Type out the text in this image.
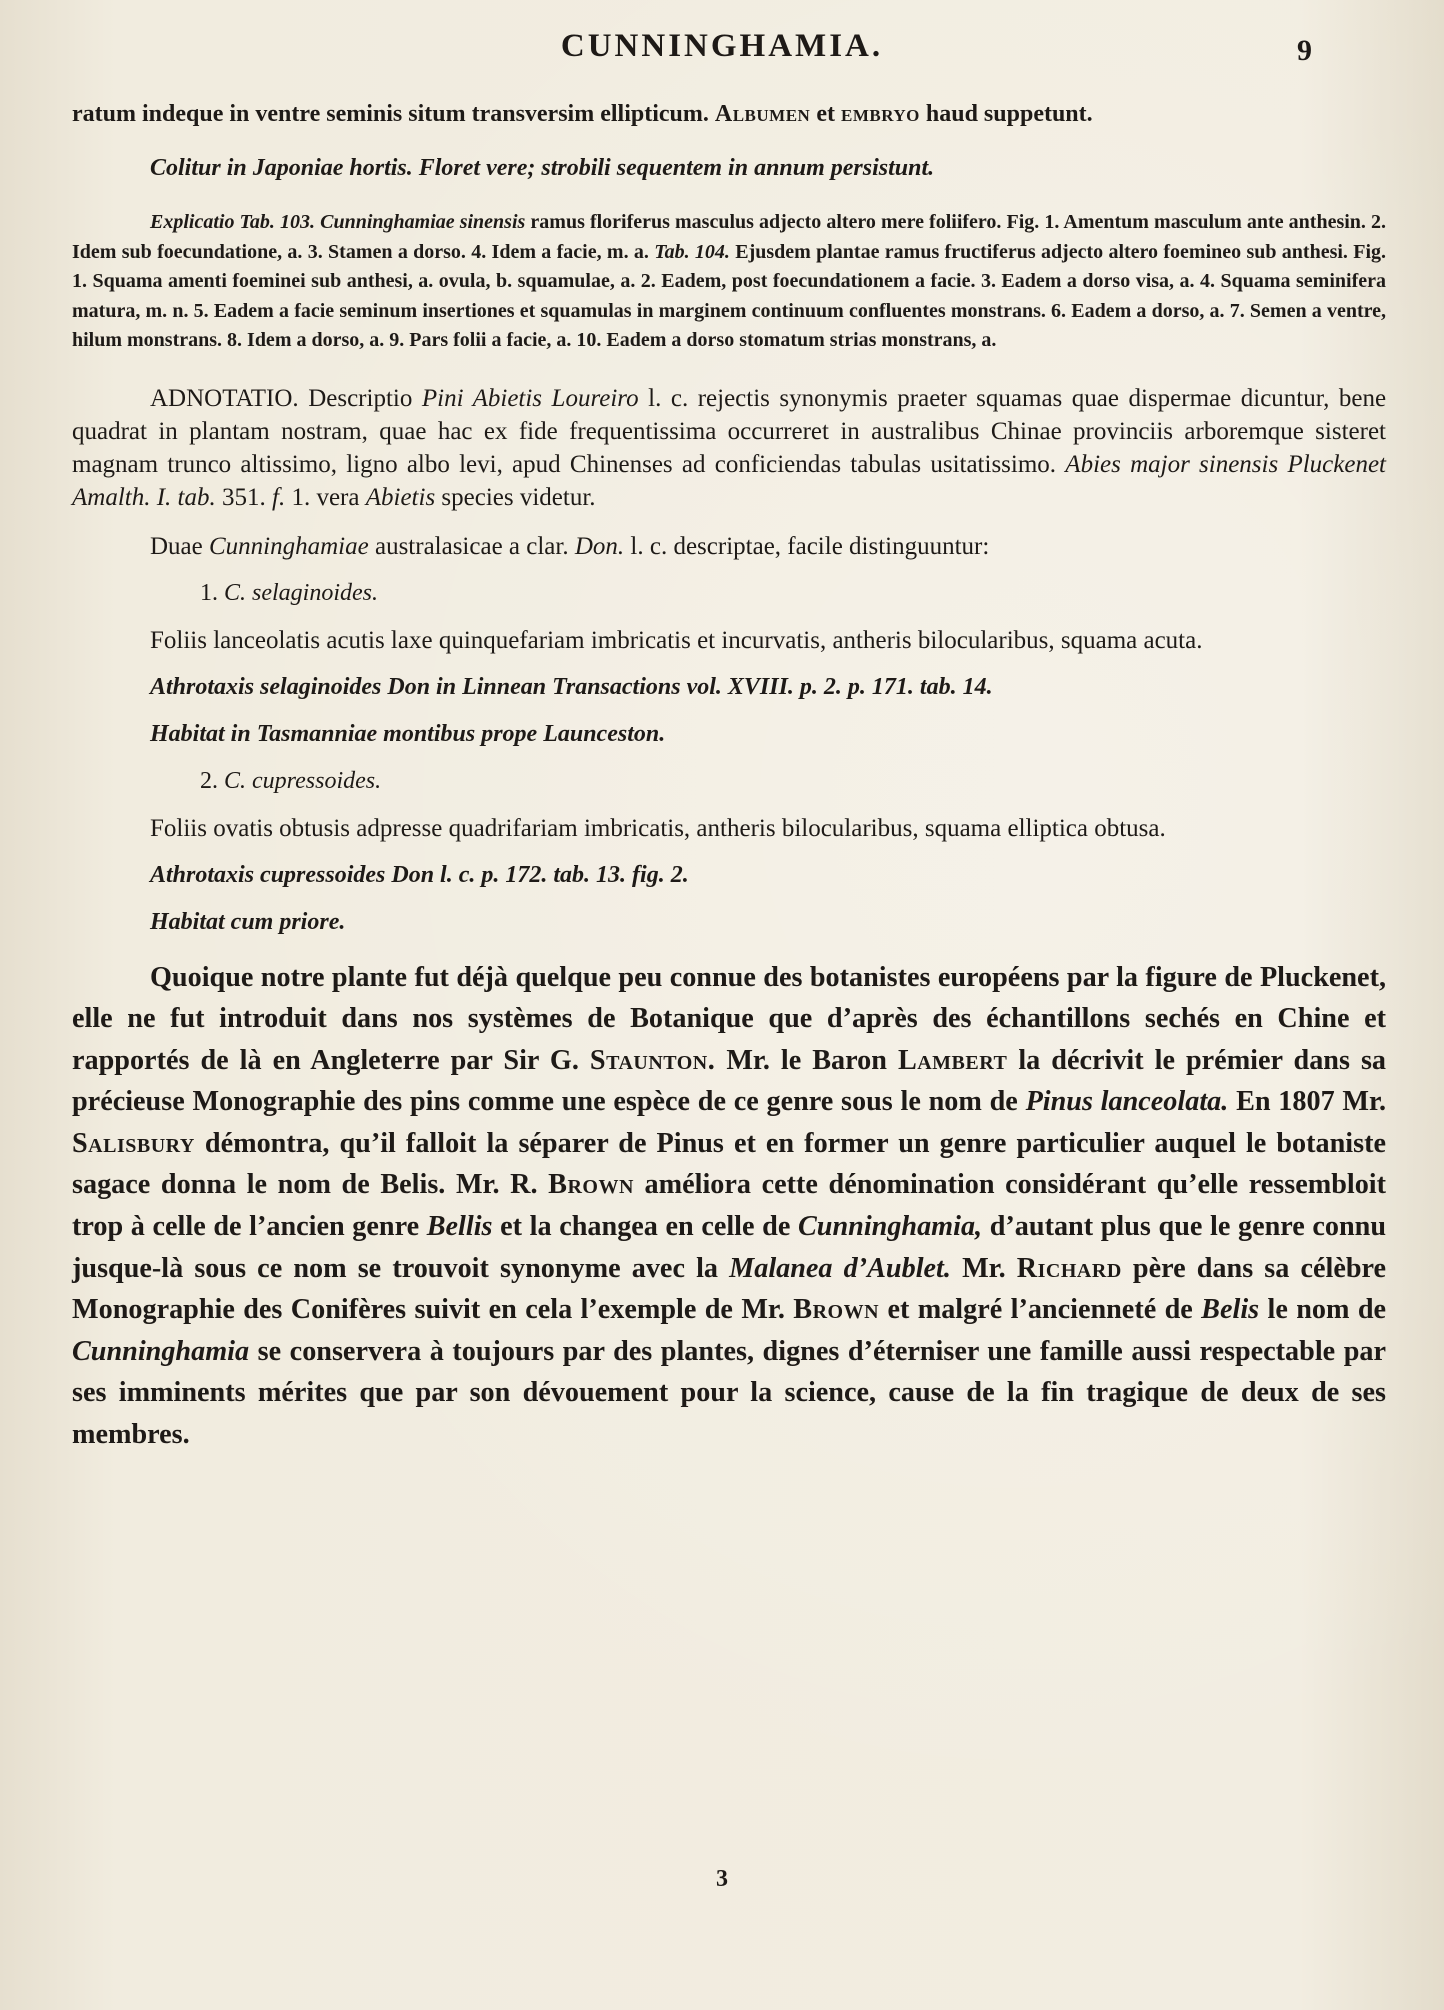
CUNNINGHAMIA.	9

ratum indeque in ventre seminis situm transversim ellipticum. Albumen et embryo haud suppetunt.

Colitur in Japoniae hortis. Floret vere; strobili sequentem in annum persistunt.

Explicatio Tab. 103. Cunninghamiae sinensis ramus floriferus masculus adjecto altero mere foliifero. Fig. 1. Amentum masculum ante anthesin. 2. Idem sub foecundatione, a. 3. Stamen a dorso. 4. Idem a facie, m. a. Tab. 104. Ejusdem plantae ramus fructiferus adjecto altero foemineo sub anthesi. Fig. 1. Squama amenti foeminei sub anthesi, a. ovula, b. squamulae, a. 2. Eadem, post foecundationem a facie. 3. Eadem a dorso visa, a. 4. Squama seminifera matura, m. n. 5. Eadem a facie seminum insertiones et squamulas in marginem continuum confluentes monstrans. 6. Eadem a dorso, a. 7. Semen a ventre, hilum monstrans. 8. Idem a dorso, a. 9. Pars folii a facie, a. 10. Eadem a dorso stomatum strias monstrans, a.

ADNOTATIO. Descriptio Pini Abietis Loureiro l. c. rejectis synonymis praeter squamas quae dispermae dicuntur, bene quadrat in plantam nostram, quae hac ex fide frequentissima occurreret in australibus Chinae provinciis arboremque sisteret magnam trunco altissimo, ligno albo levi, apud Chinenses ad conficiendas tabulas usitatissimo. Abies major sinensis Pluckenet Amalth. I. tab. 351. f. 1. vera Abietis species videtur.

Duae Cunninghamiae australasicae a clar. Don. l. c. descriptae, facile distinguuntur:

1. C. selaginoides.

Foliis lanceolatis acutis laxe quinquefariam imbricatis et incurvatis, antheris bilocularibus, squama acuta.

Athrotaxis selaginoides Don in Linnean Transactions vol. XVIII. p. 2. p. 171. tab. 14.

Habitat in Tasmanniae montibus prope Launceston.

2. C. cupressoides.

Foliis ovatis obtusis adpresse quadrifariam imbricatis, antheris bilocularibus, squama elliptica obtusa.

Athrotaxis cupressoides Don l. c. p. 172. tab. 13. fig. 2.

Habitat cum priore.

Quoique notre plante fut déjà quelque peu connue des botanistes européens par la figure de Pluckenet, elle ne fut introduit dans nos systèmes de Botanique que d’après des échantillons sechés en Chine et rapportés de là en Angleterre par Sir G. Staunton. Mr. le Baron Lambert la décrivit le prémier dans sa précieuse Monographie des pins comme une espèce de ce genre sous le nom de Pinus lanceolata. En 1807 Mr. Salisbury démontra, qu’il falloit la séparer de Pinus et en former un genre particulier auquel le botaniste sagace donna le nom de Belis. Mr. R. Brown améliora cette dénomination considérant qu’elle ressembloit trop à celle de l’ancien genre Bellis et la changea en celle de Cunninghamia, d’autant plus que le genre connu jusque-là sous ce nom se trouvoit synonyme avec la Malanea d’Aublet. Mr. Richard père dans sa célèbre Monographie des Conifères suivit en cela l’exemple de Mr. Brown et malgré l’ancienneté de Belis le nom de Cunninghamia se conservera à toujours par des plantes, dignes d’éterniser une famille aussi respectable par ses imminents mérites que par son dévouement pour la science, cause de la fin tragique de deux de ses membres.

3
